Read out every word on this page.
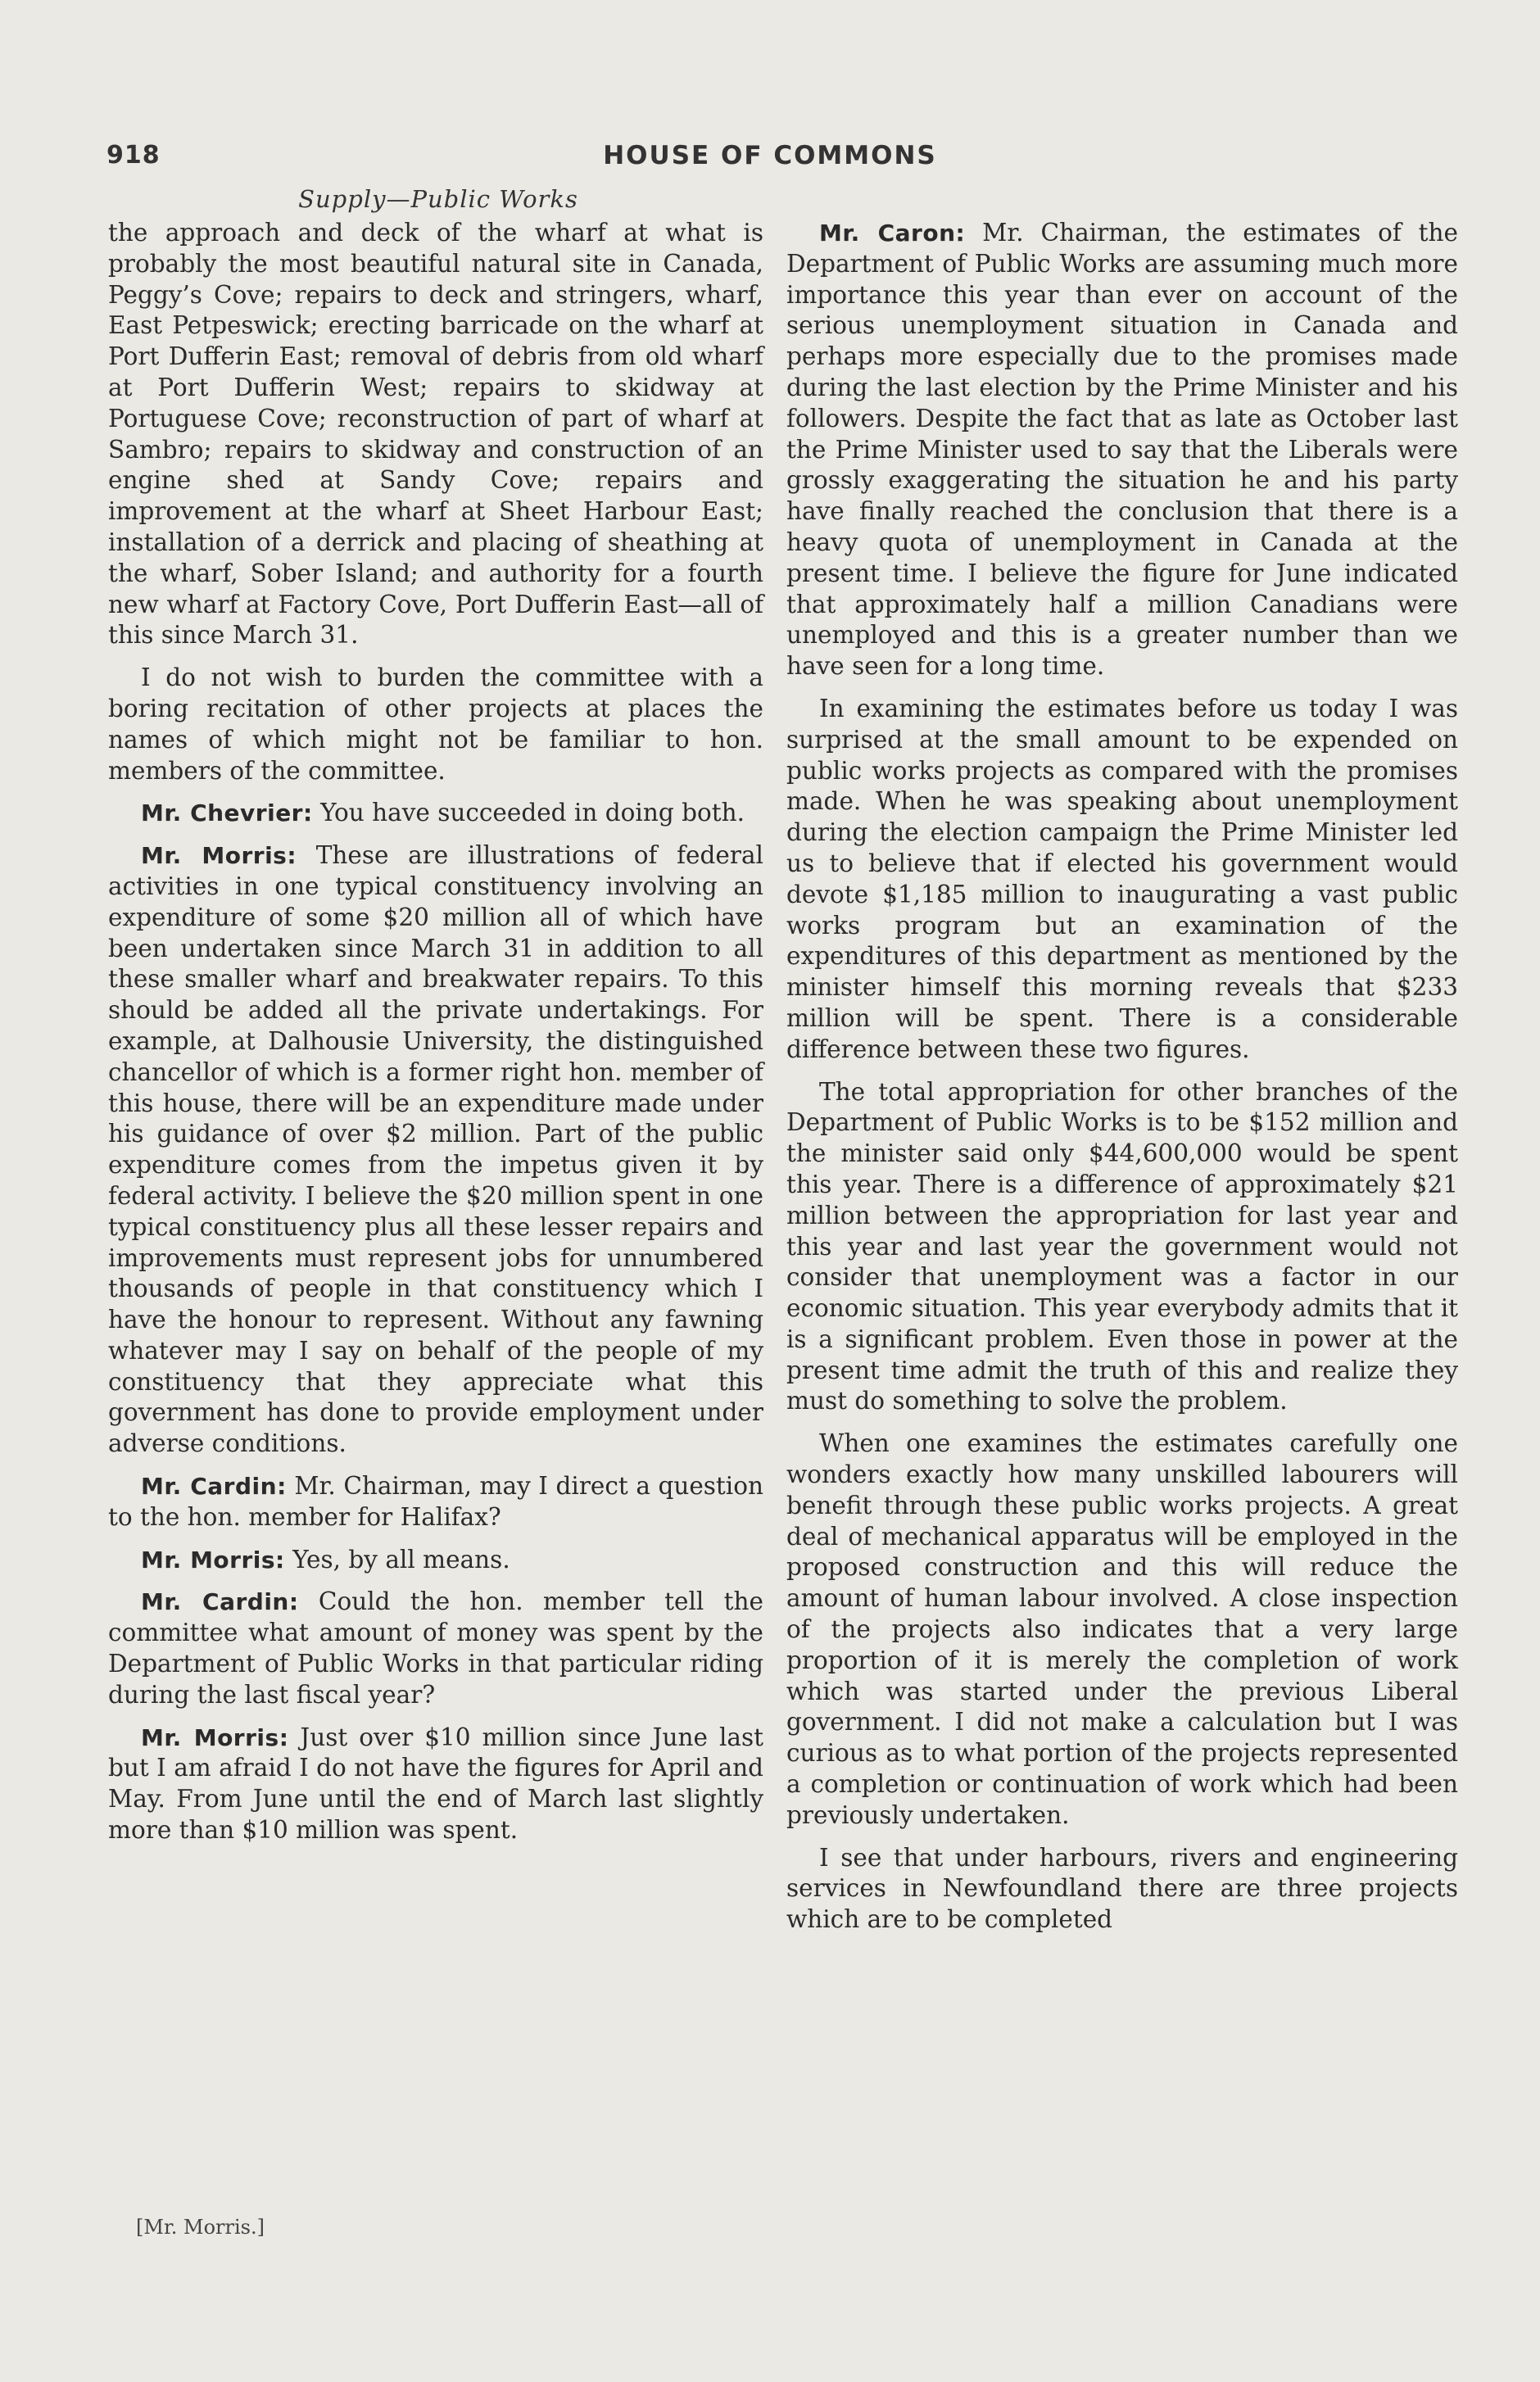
918	HOUSE OF COMMONS
Supply—Public Works

the approach and deck of the wharf at what is probably the most beautiful natural site in Canada, Peggy’s Cove; repairs to deck and stringers, wharf, East Petpeswick; erecting barricade on the wharf at Port Dufferin East; removal of debris from old wharf at Port Dufferin West; repairs to skidway at Portuguese Cove; reconstruction of part of wharf at Sambro; repairs to skidway and construction of an engine shed at Sandy Cove; repairs and improvement at the wharf at Sheet Harbour East; installation of a derrick and placing of sheathing at the wharf, Sober Island; and authority for a fourth new wharf at Factory Cove, Port Dufferin East—all of this since March 31.

I do not wish to burden the committee with a boring recitation of other projects at places the names of which might not be familiar to hon. members of the committee.

Mr. Chevrier: You have succeeded in doing both.

Mr. Morris: These are illustrations of federal activities in one typical constituency involving an expenditure of some $20 million all of which have been undertaken since March 31 in addition to all these smaller wharf and breakwater repairs. To this should be added all the private undertakings. For example, at Dalhousie University, the distinguished chancellor of which is a former right hon. member of this house, there will be an expenditure made under his guidance of over $2 million. Part of the public expenditure comes from the impetus given it by federal activity. I believe the $20 million spent in one typical constituency plus all these lesser repairs and improvements must represent jobs for unnumbered thousands of people in that constituency which I have the honour to represent. Without any fawning whatever may I say on behalf of the people of my constituency that they appreciate what this government has done to provide employment under adverse conditions.

Mr. Cardin: Mr. Chairman, may I direct a question to the hon. member for Halifax?

Mr. Morris: Yes, by all means.

Mr. Cardin: Could the hon. member tell the committee what amount of money was spent by the Department of Public Works in that particular riding during the last fiscal year?

Mr. Morris: Just over $10 million since June last but I am afraid I do not have the figures for April and May. From June until the end of March last slightly more than $10 million was spent.

Mr. Caron: Mr. Chairman, the estimates of the Department of Public Works are assuming much more importance this year than ever on account of the serious unemployment situation in Canada and perhaps more especially due to the promises made during the last election by the Prime Minister and his followers. Despite the fact that as late as October last the Prime Minister used to say that the Liberals were grossly exaggerating the situation he and his party have finally reached the conclusion that there is a heavy quota of unemployment in Canada at the present time. I believe the figure for June indicated that approximately half a million Canadians were unemployed and this is a greater number than we have seen for a long time.

In examining the estimates before us today I was surprised at the small amount to be expended on public works projects as compared with the promises made. When he was speaking about unemployment during the election campaign the Prime Minister led us to believe that if elected his government would devote $1,185 million to inaugurating a vast public works program but an examination of the expenditures of this department as mentioned by the minister himself this morning reveals that $233 million will be spent. There is a considerable difference between these two figures.

The total appropriation for other branches of the Department of Public Works is to be $152 million and the minister said only $44,600,000 would be spent this year. There is a difference of approximately $21 million between the appropriation for last year and this year and last year the government would not consider that unemployment was a factor in our economic situation. This year everybody admits that it is a significant problem. Even those in power at the present time admit the truth of this and realize they must do something to solve the problem.

When one examines the estimates carefully one wonders exactly how many unskilled labourers will benefit through these public works projects. A great deal of mechanical apparatus will be employed in the proposed construction and this will reduce the amount of human labour involved. A close inspection of the projects also indicates that a very large proportion of it is merely the completion of work which was started under the previous Liberal government. I did not make a calculation but I was curious as to what portion of the projects represented a completion or continuation of work which had been previously undertaken.

I see that under harbours, rivers and engineering services in Newfoundland there are three projects which are to be completed

[Mr. Morris.]
